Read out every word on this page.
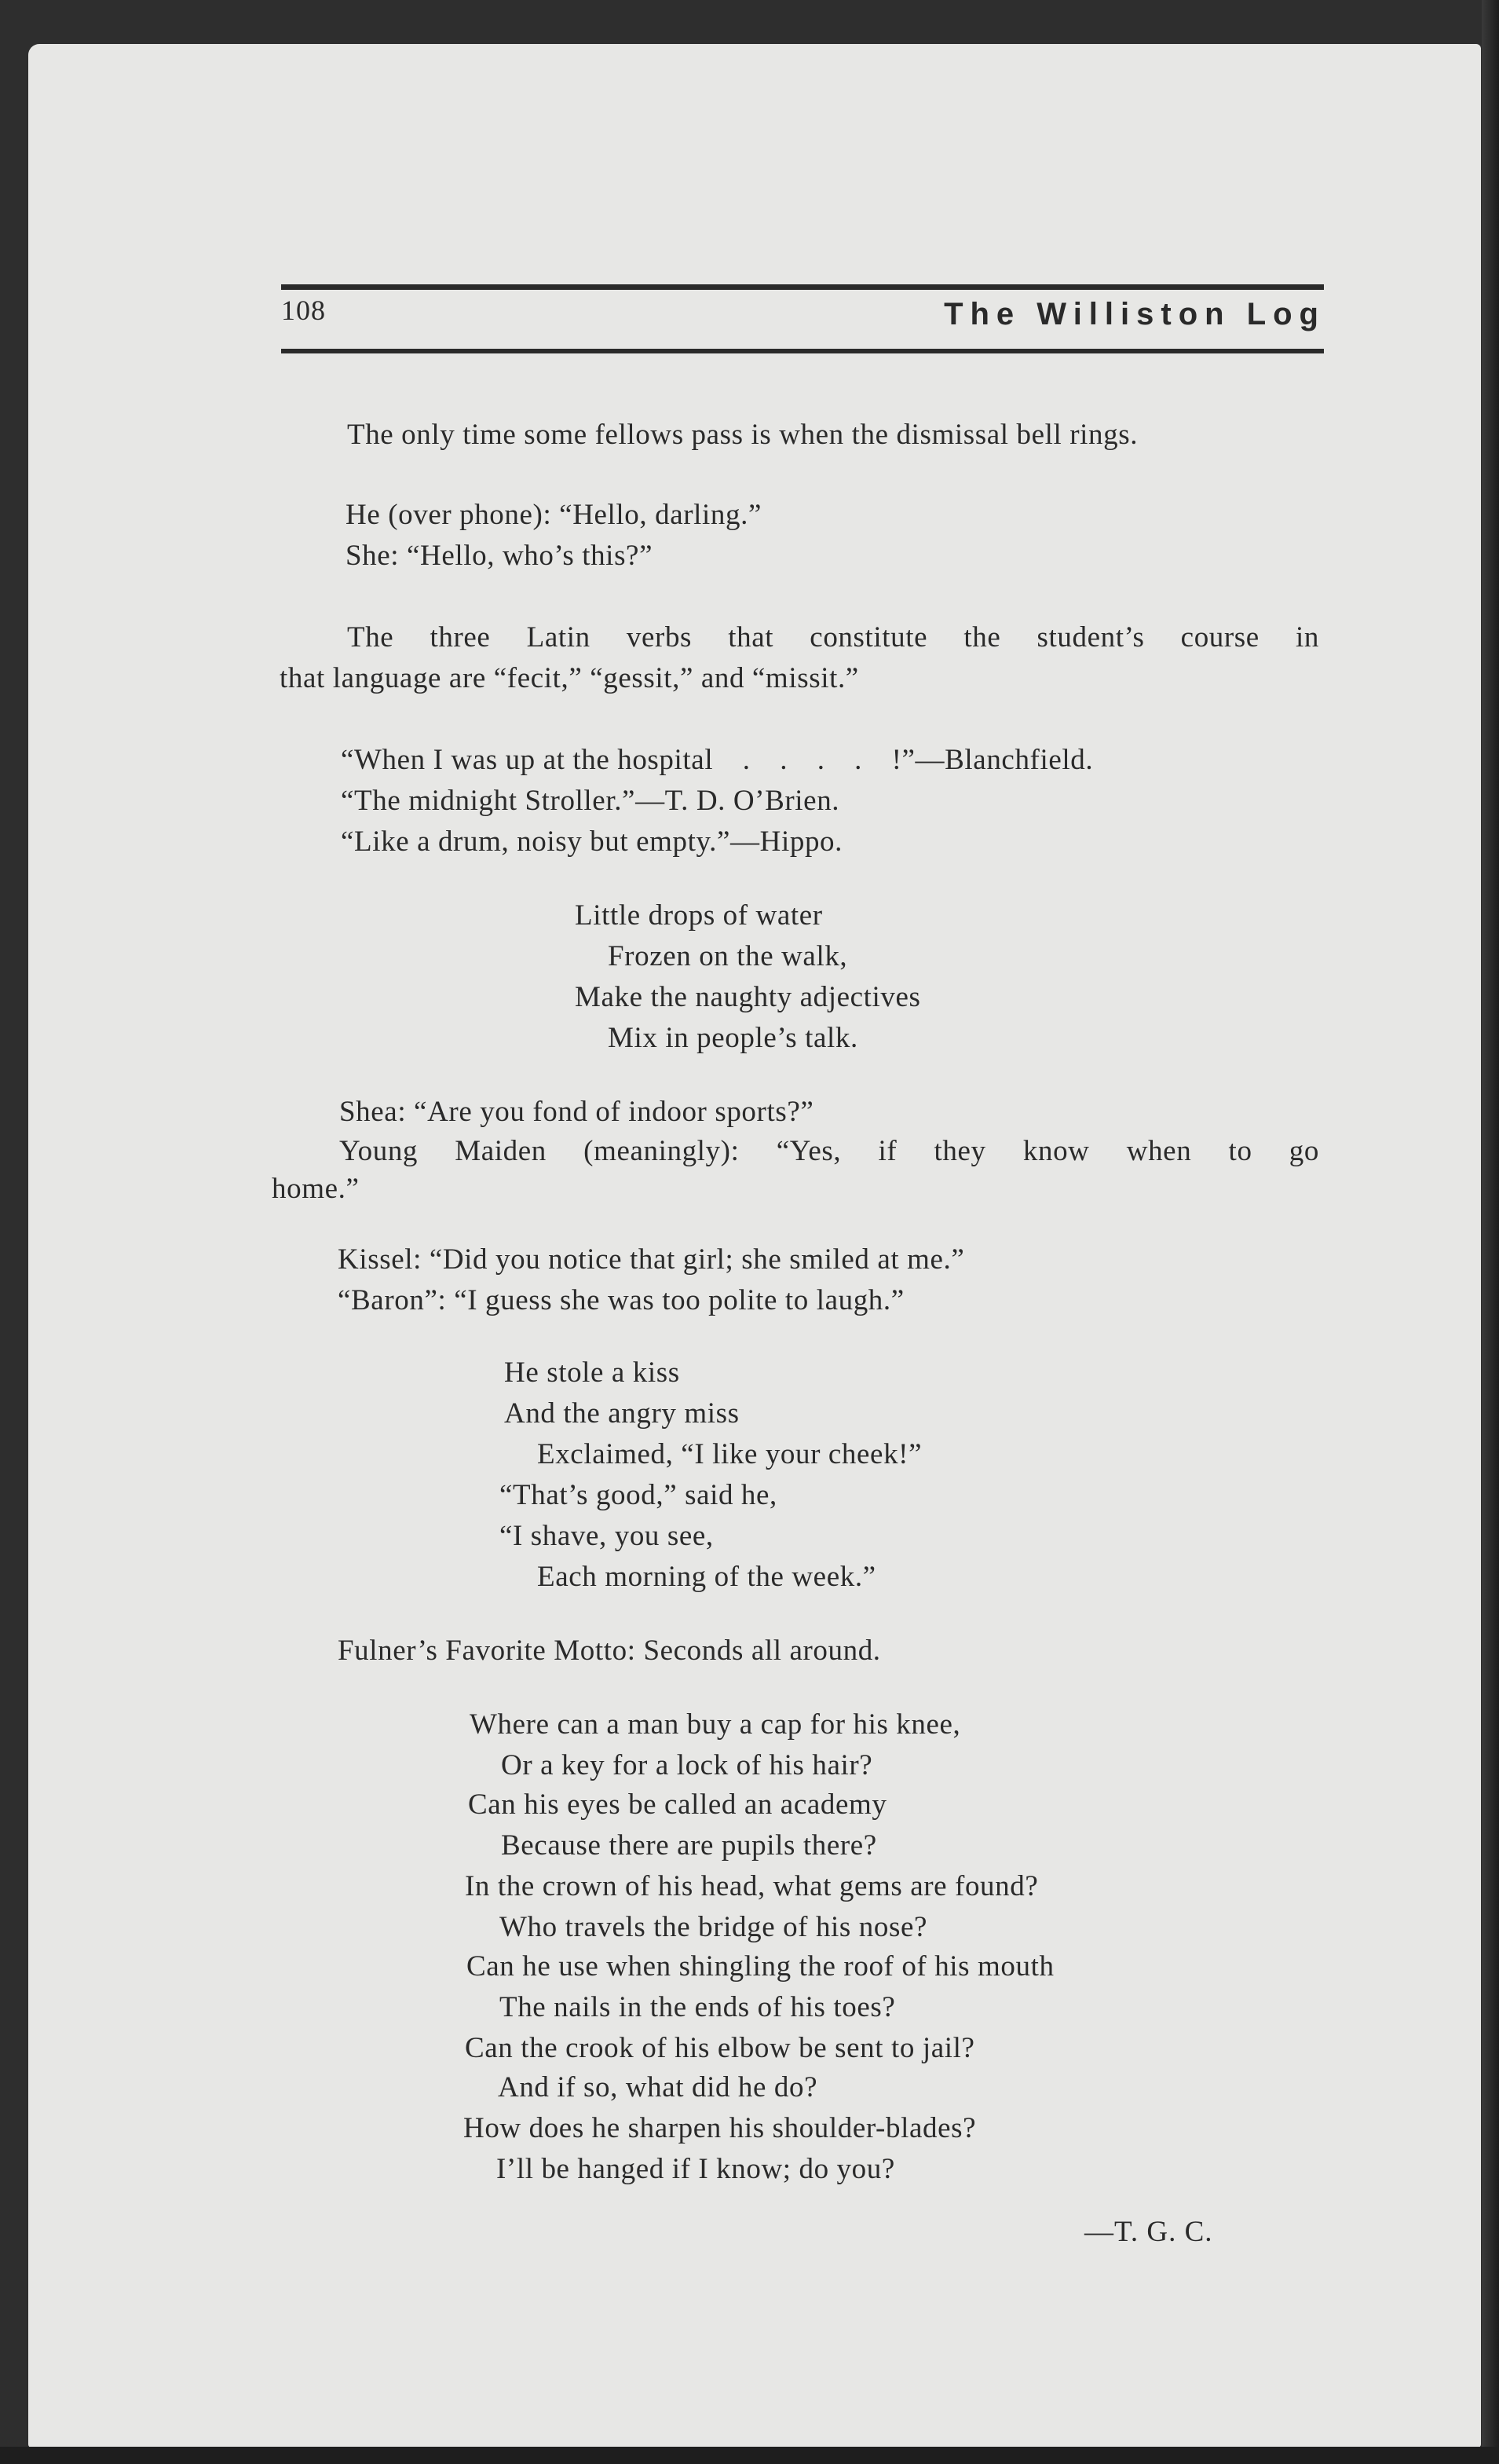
108	The Williston Log
The only time some fellows pass is when the dismissal bell rings.
He (over phone): “Hello, darling.”
She: “Hello, who’s this?”
The three Latin verbs that constitute the student’s course in
that language are “fecit,” “gessit,” and “missit.”
“When I was up at the hospital . . . . !”—Blanchfield.
“The midnight Stroller.”—T. D. O’Brien.
“Like a drum, noisy but empty.”—Hippo.
Little drops of water
Frozen on the walk,
Make the naughty adjectives
Mix in people’s talk.
Shea: “Are you fond of indoor sports?”
Young Maiden (meaningly): “Yes, if they know when to go
home.”
Kissel: “Did you notice that girl; she smiled at me.”
“Baron”: “I guess she was too polite to laugh.”
He stole a kiss
And the angry miss
Exclaimed, “I like your cheek!”
“That’s good,” said he,
“I shave, you see,
Each morning of the week.”
Fulner’s Favorite Motto: Seconds all around.
Where can a man buy a cap for his knee,
Or a key for a lock of his hair?
Can his eyes be called an academy
Because there are pupils there?
In the crown of his head, what gems are found?
Who travels the bridge of his nose?
Can he use when shingling the roof of his mouth
The nails in the ends of his toes?
Can the crook of his elbow be sent to jail?
And if so, what did he do?
How does he sharpen his shoulder-blades?
I’ll be hanged if I know; do you?
—T. G. C.
